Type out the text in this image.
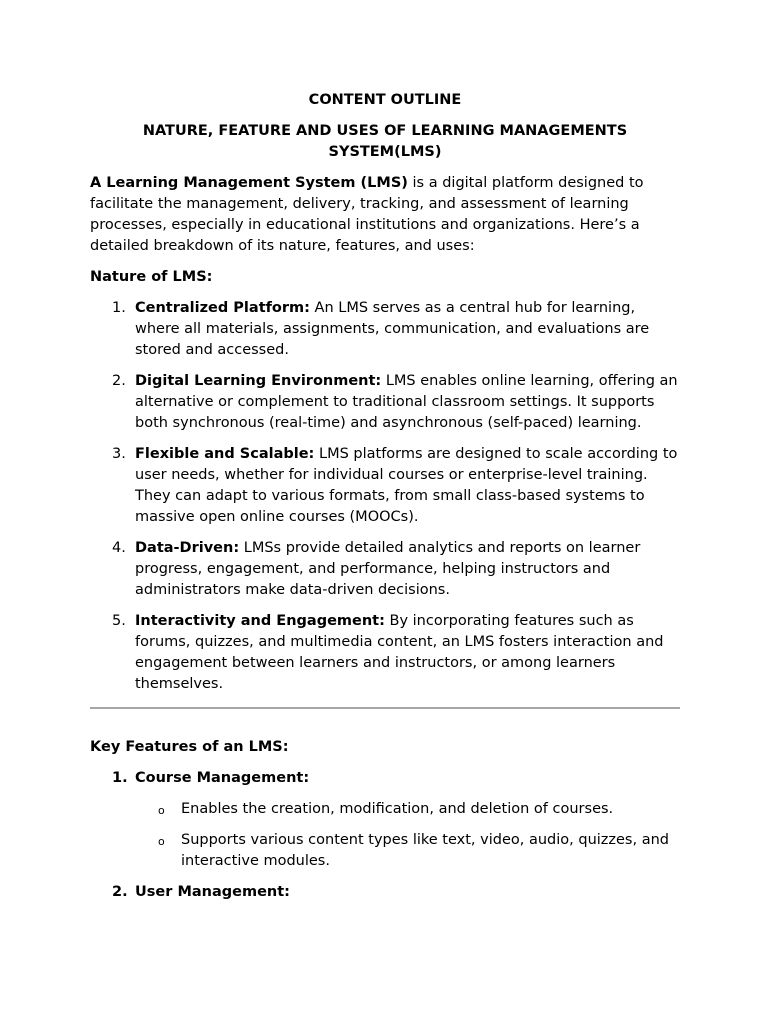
CONTENT OUTLINE
NATURE, FEATURE AND USES OF LEARNING MANAGEMENTS SYSTEM(LMS)

A Learning Management System (LMS) is a digital platform designed to facilitate the management, delivery, tracking, and assessment of learning processes, especially in educational institutions and organizations. Here’s a detailed breakdown of its nature, features, and uses:

Nature of LMS:
1. Centralized Platform: An LMS serves as a central hub for learning, where all materials, assignments, communication, and evaluations are stored and accessed.
2. Digital Learning Environment: LMS enables online learning, offering an alternative or complement to traditional classroom settings. It supports both synchronous (real-time) and asynchronous (self-paced) learning.
3. Flexible and Scalable: LMS platforms are designed to scale according to user needs, whether for individual courses or enterprise-level training. They can adapt to various formats, from small class-based systems to massive open online courses (MOOCs).
4. Data-Driven: LMSs provide detailed analytics and reports on learner progress, engagement, and performance, helping instructors and administrators make data-driven decisions.
5. Interactivity and Engagement: By incorporating features such as forums, quizzes, and multimedia content, an LMS fosters interaction and engagement between learners and instructors, or among learners themselves.
Key Features of an LMS:
1. Course Management:
o Enables the creation, modification, and deletion of courses.
o Supports various content types like text, video, audio, quizzes, and interactive modules.
2. User Management:
